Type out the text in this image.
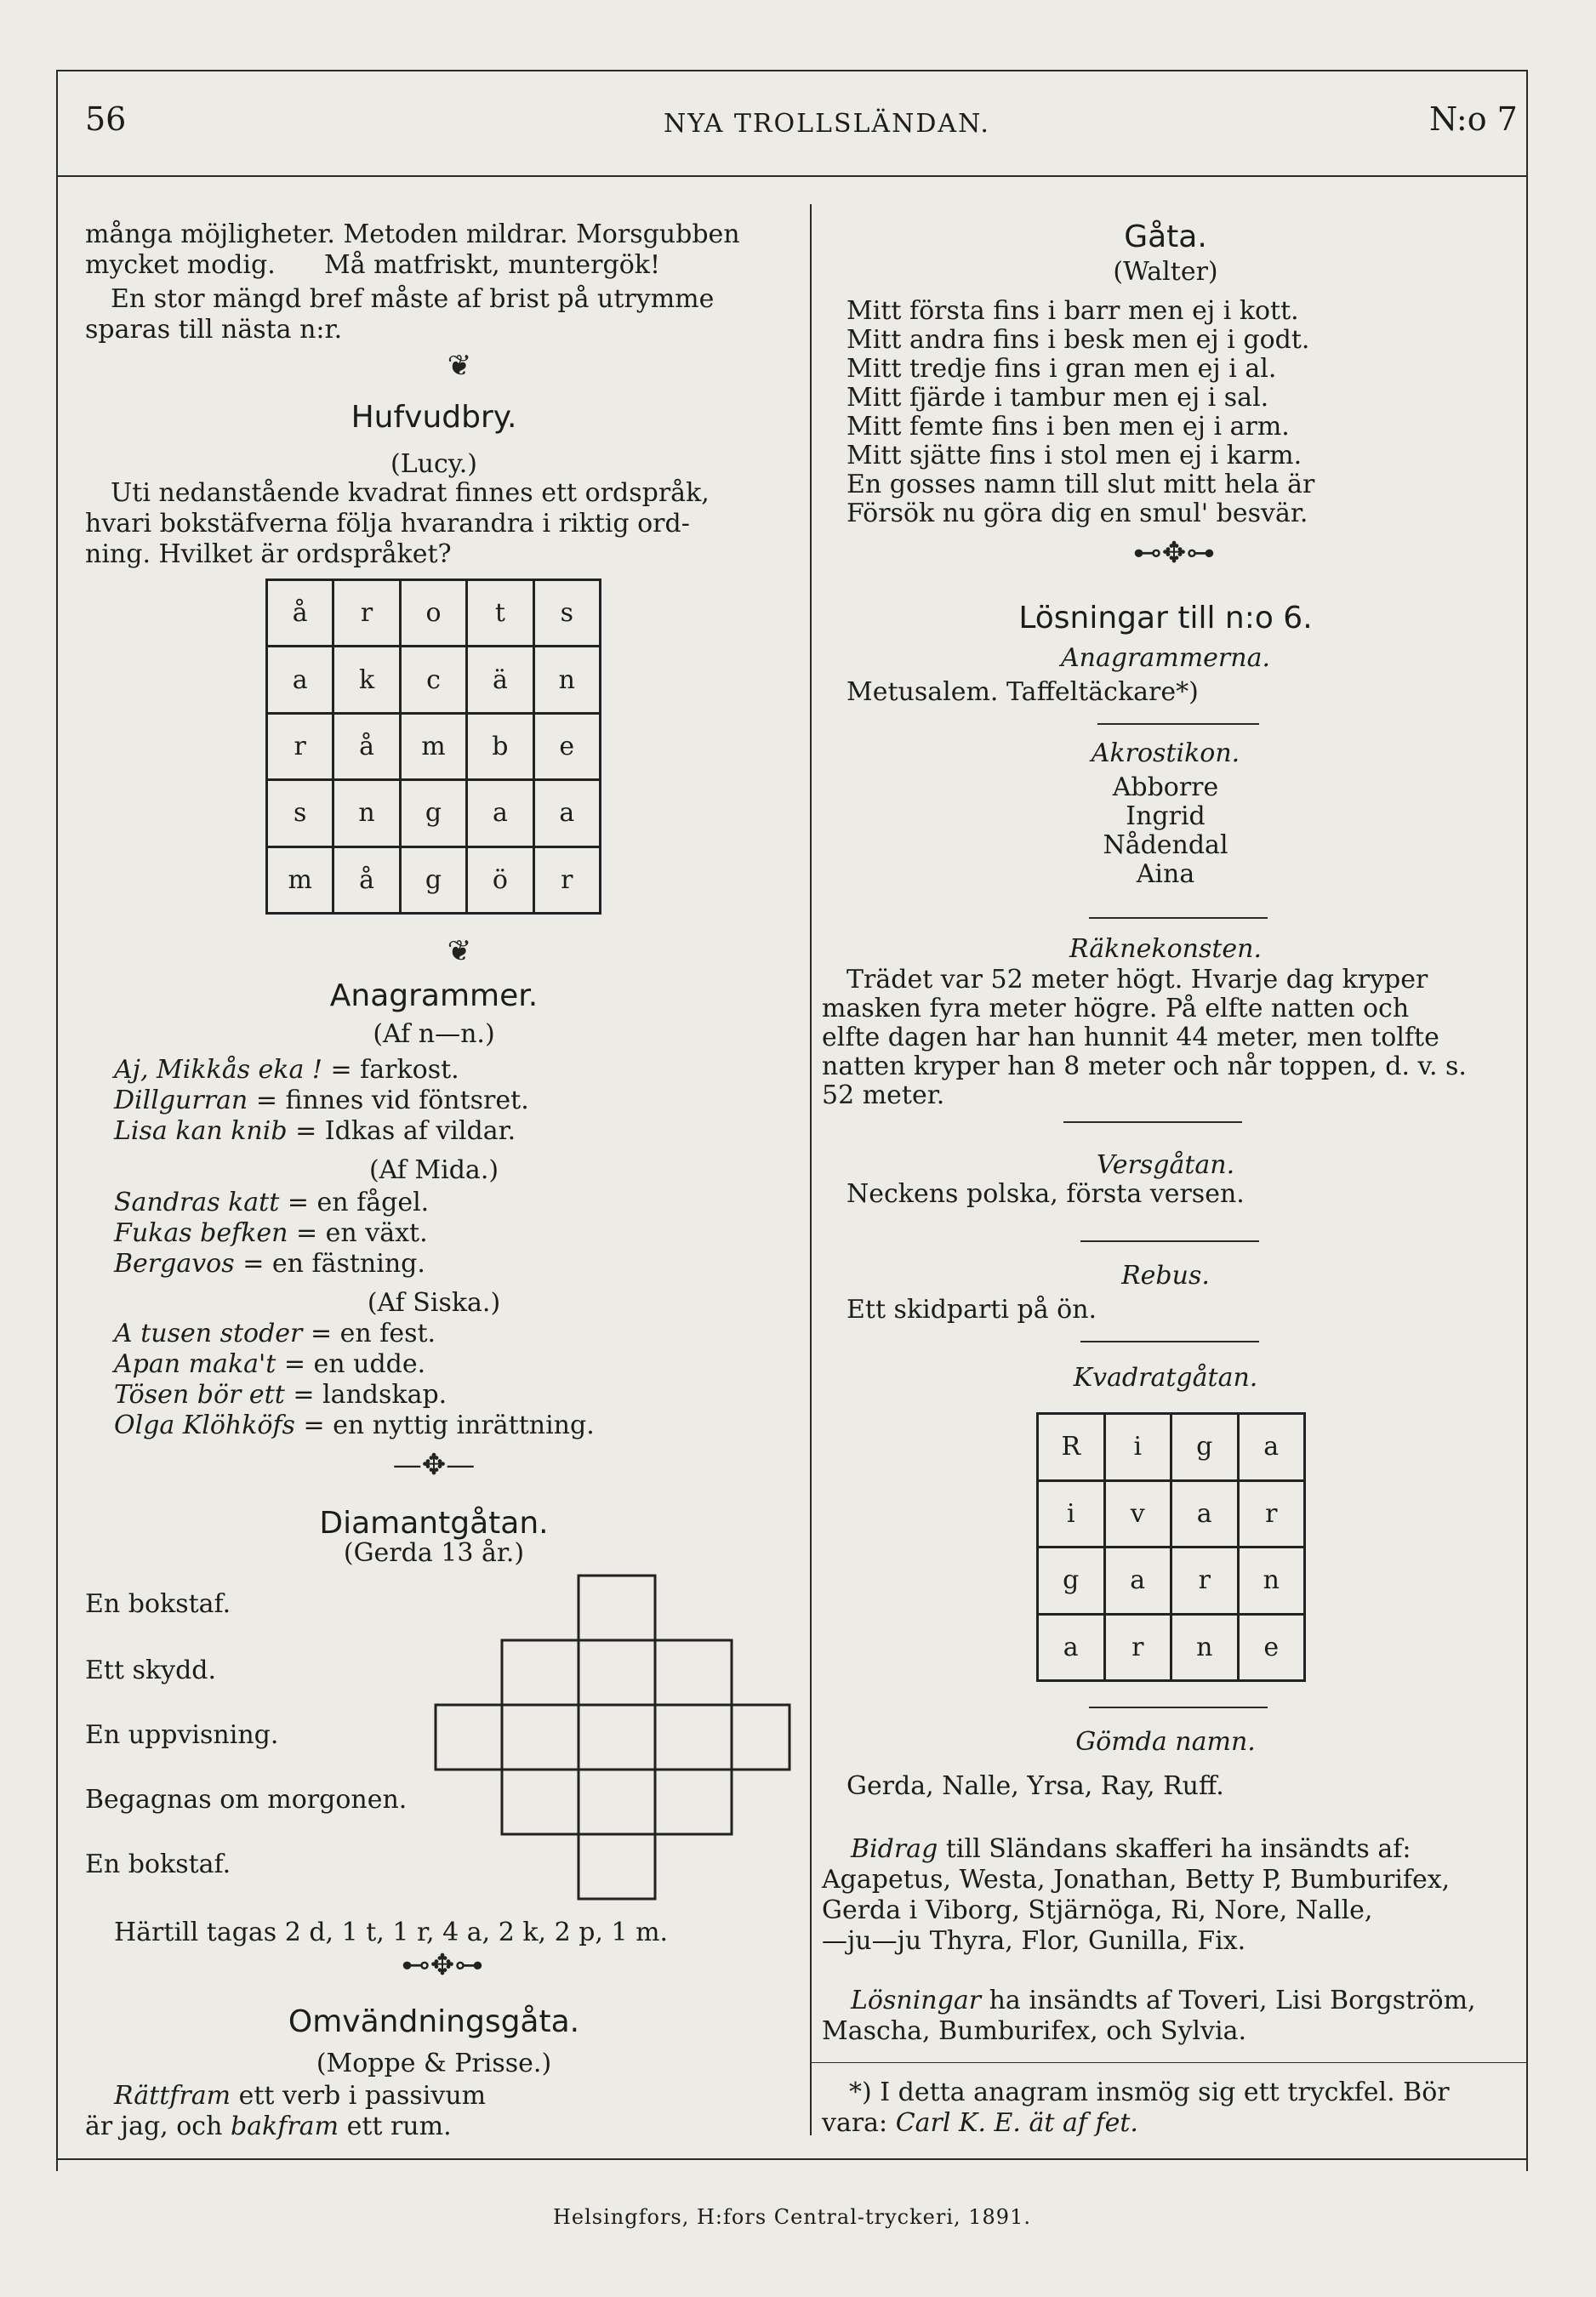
56	NYA TROLLSLÄNDAN.	N:o 7
många möjligheter. Metoden mildrar. Morsgubben
mycket modig.      Må matfriskt, muntergök!
En stor mängd bref måste af brist på utrymme
sparas till nästa n:r.
❦
Hufvudbry.
(Lucy.)
Uti nedanstående kvadrat finnes ett ordspråk,
hvari bokstäfverna följa hvarandra i riktig ord-
ning. Hvilket är ordspråket?
å	r	o	t	s
a	k	c	ä	n
r	å	m	b	e
s	n	g	a	a
m	å	g	ö	r
❦
Anagrammer.
(Af n—n.)
Aj, Mikkås eka ! = farkost.
Dillgurran = finnes vid föntsret.
Lisa kan knib = Idkas af vildar.
(Af Mida.)
Sandras katt = en fågel.
Fukas befken = en växt.
Bergavos = en fästning.
(Af Siska.)
A tusen stoder = en fest.
Apan maka't = en udde.
Tösen bör ett = landskap.
Olga Klöhköfs = en nyttig inrättning.
—✥—
Diamantgåtan.
(Gerda 13 år.)
En bokstaf.
Ett skydd.
En uppvisning.
Begagnas om morgonen.
En bokstaf.
Härtill tagas 2 d, 1 t, 1 r, 4 a, 2 k, 2 p, 1 m.
⊷✥⊶
Omvändningsgåta.
(Moppe & Prisse.)
Rättfram ett verb i passivum
är jag, och bakfram ett rum.
Gåta.
(Walter)
Mitt första fins i barr men ej i kott.
Mitt andra fins i besk men ej i godt.
Mitt tredje fins i gran men ej i al.
Mitt fjärde i tambur men ej i sal.
Mitt femte fins i ben men ej i arm.
Mitt sjätte fins i stol men ej i karm.
En gosses namn till slut mitt hela är
Försök nu göra dig en smul' besvär.
⊷✥⊶
Lösningar till n:o 6.
Anagrammerna.
Metusalem. Taffeltäckare*)
Akrostikon.
Abborre
Ingrid
Nådendal
Aina
Räknekonsten.
Trädet var 52 meter högt. Hvarje dag kryper
masken fyra meter högre. På elfte natten och
elfte dagen har han hunnit 44 meter, men tolfte
natten kryper han 8 meter och når toppen, d. v. s.
52 meter.
Versgåtan.
Neckens polska, första versen.
Rebus.
Ett skidparti på ön.
Kvadratgåtan.
R	i	g	a
i	v	a	r
g	a	r	n
a	r	n	e
Gömda namn.
Gerda, Nalle, Yrsa, Ray, Ruff.
Bidrag till Sländans skafferi ha insändts af:
Agapetus, Westa, Jonathan, Betty P, Bumburifex,
Gerda i Viborg, Stjärnöga, Ri, Nore, Nalle,
—ju—ju Thyra, Flor, Gunilla, Fix.
Lösningar ha insändts af Toveri, Lisi Borgström,
Mascha, Bumburifex, och Sylvia.
*) I detta anagram insmög sig ett tryckfel. Bör
vara: Carl K. E. ät af fet.
Helsingfors, H:fors Central-tryckeri, 1891.
